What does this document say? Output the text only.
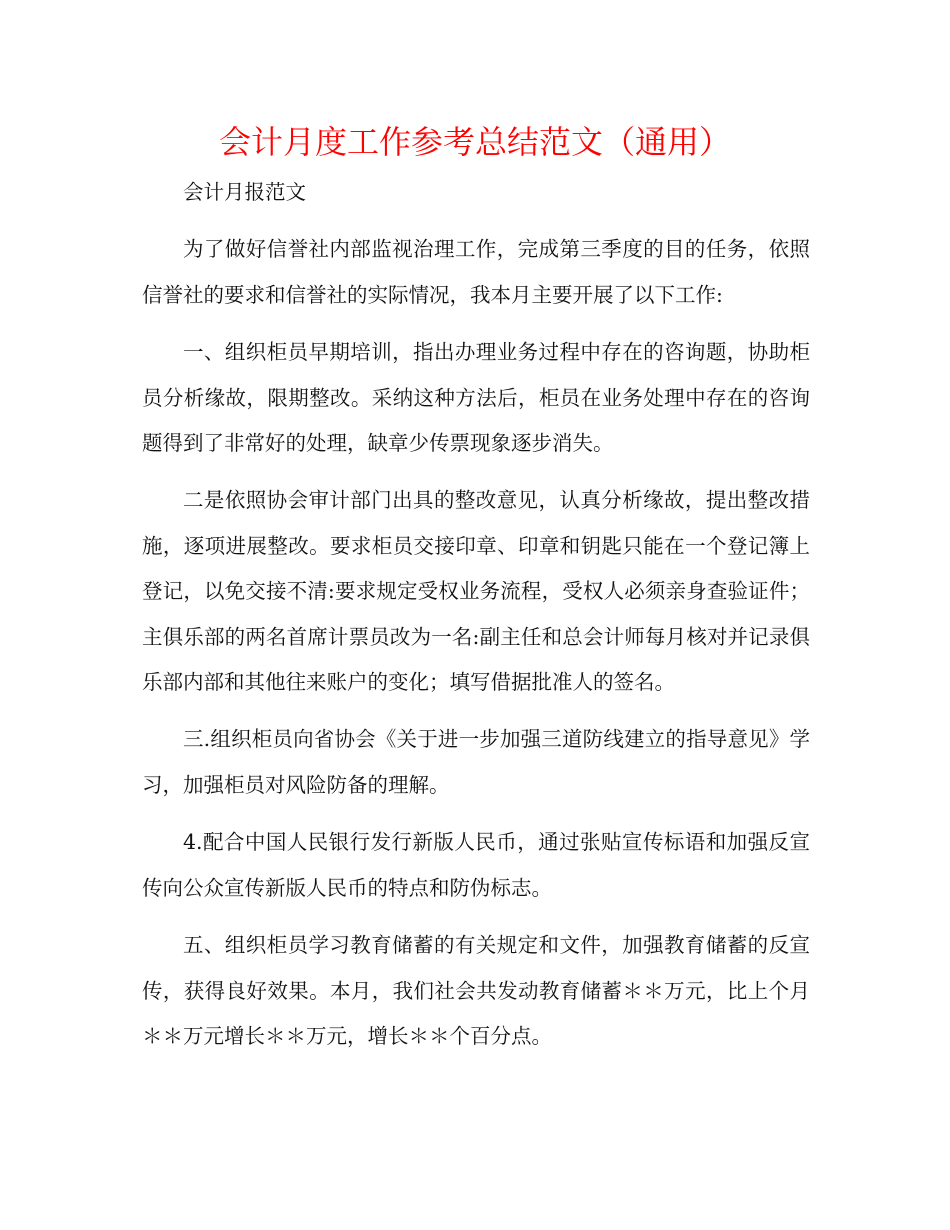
会计月度工作参考总结范文（通用）

会计月报范文

为了做好信誉社内部监视治理工作，完成第三季度的目的任务，依照信誉社的要求和信誉社的实际情况，我本月主要开展了以下工作:

一、组织柜员早期培训，指出办理业务过程中存在的咨询题，协助柜员分析缘故，限期整改。采纳这种方法后，柜员在业务处理中存在的咨询题得到了非常好的处理，缺章少传票现象逐步消失。

二是依照协会审计部门出具的整改意见，认真分析缘故，提出整改措施，逐项进展整改。要求柜员交接印章、印章和钥匙只能在一个登记簿上登记，以免交接不清:要求规定受权业务流程，受权人必须亲身查验证件；主俱乐部的两名首席计票员改为一名:副主任和总会计师每月核对并记录俱乐部内部和其他往来账户的变化；填写借据批准人的签名。

三.组织柜员向省协会《关于进一步加强三道防线建立的指导意见》学习，加强柜员对风险防备的理解。

4.配合中国人民银行发行新版人民币，通过张贴宣传标语和加强反宣传向公众宣传新版人民币的特点和防伪标志。

五、组织柜员学习教育储蓄的有关规定和文件，加强教育储蓄的反宣传，获得良好效果。本月，我们社会共发动教育储蓄＊＊万元，比上个月＊＊万元增长＊＊万元，增长＊＊个百分点。
